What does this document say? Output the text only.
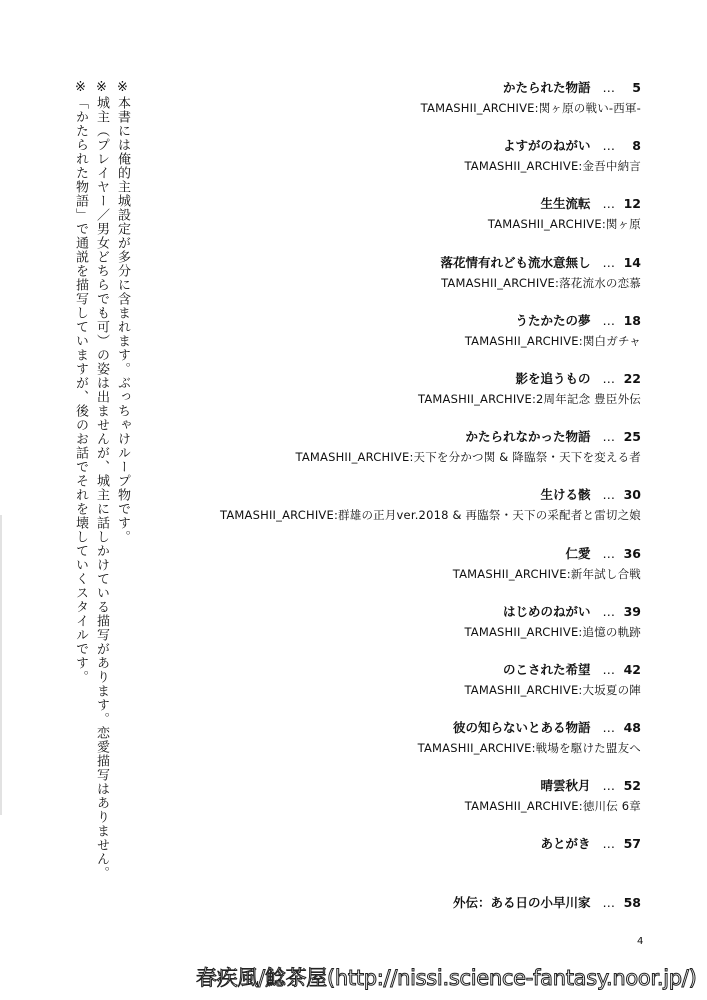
※本書には俺的主城設定が多分に含まれます。ぶっちゃけループ物です。
※城主（プレイヤー／男女どちらでも可）の姿は出ませんが、城主に話しかけている描写があります。恋愛描写はありません。
※「かたられた物語」で通説を描写していますが、後のお話でそれを壊していくスタイルです。	かたられた物語 …	5
TAMASHII_ARCHIVE:関ヶ原の戦い-西軍-
よすがのねがい …	8
TAMASHII_ARCHIVE:金吾中納言
生生流転 … 12
TAMASHII_ARCHIVE:関ヶ原
落花情有れども流水意無し … 14
TAMASHII_ARCHIVE:落花流水の恋慕
うたかたの夢 … 18
TAMASHII_ARCHIVE:関白ガチャ
影を追うもの … 22
TAMASHII_ARCHIVE:2周年記念 豊臣外伝
かたられなかった物語 … 25
TAMASHII_ARCHIVE:天下を分かつ関 & 降臨祭・天下を変える者
生ける骸 … 30
TAMASHII_ARCHIVE:群雄の正月ver.2018 & 再臨祭・天下の采配者と雷切之娘
仁愛 … 36
TAMASHII_ARCHIVE:新年試し合戦
はじめのねがい … 39
TAMASHII_ARCHIVE:追憶の軌跡
のこされた希望 … 42
TAMASHII_ARCHIVE:大坂夏の陣
彼の知らないとある物語 … 48
TAMASHII_ARCHIVE:戦場を駆けた盟友へ
晴雲秋月 … 52
TAMASHII_ARCHIVE:徳川伝 6章
あとがき … 57
外伝：ある日の小早川家 … 58
4
春疾風/鯰茶屋(http://nissi.science-fantasy.noor.jp/)
